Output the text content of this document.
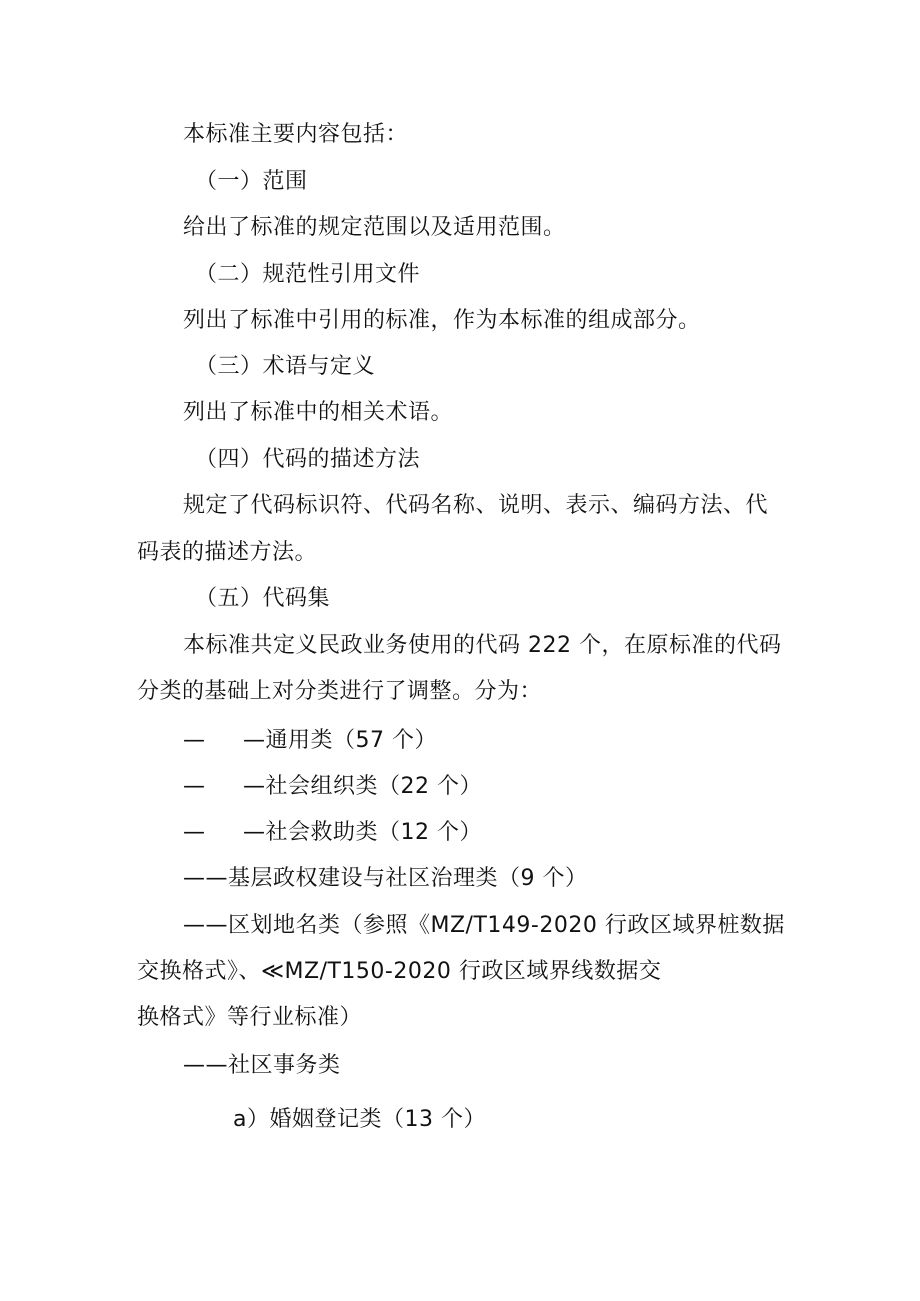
本标准主要内容包括：
（一）范围
给出了标准的规定范围以及适用范围。
（二）规范性引用文件
列出了标准中引用的标准，作为本标准的组成部分。
（三）术语与定义
列出了标准中的相关术语。
（四）代码的描述方法
规定了代码标识符、代码名称、说明、表示、编码方法、代
码表的描述方法。
（五）代码集
本标准共定义民政业务使用的代码 222 个，在原标准的代码
分类的基础上对分类进行了调整。分为：
— —通用类（57 个）
— —社会组织类（22 个）
— —社会救助类（12 个）
——基层政权建设与社区治理类（9 个）
——区划地名类（参照《MZ/T149-2020 行政区域界桩数据
交换格式》、≪MZ/T150-2020 行政区域界线数据交
换格式》等行业标准）
——社区事务类
a）婚姻登记类（13 个）
